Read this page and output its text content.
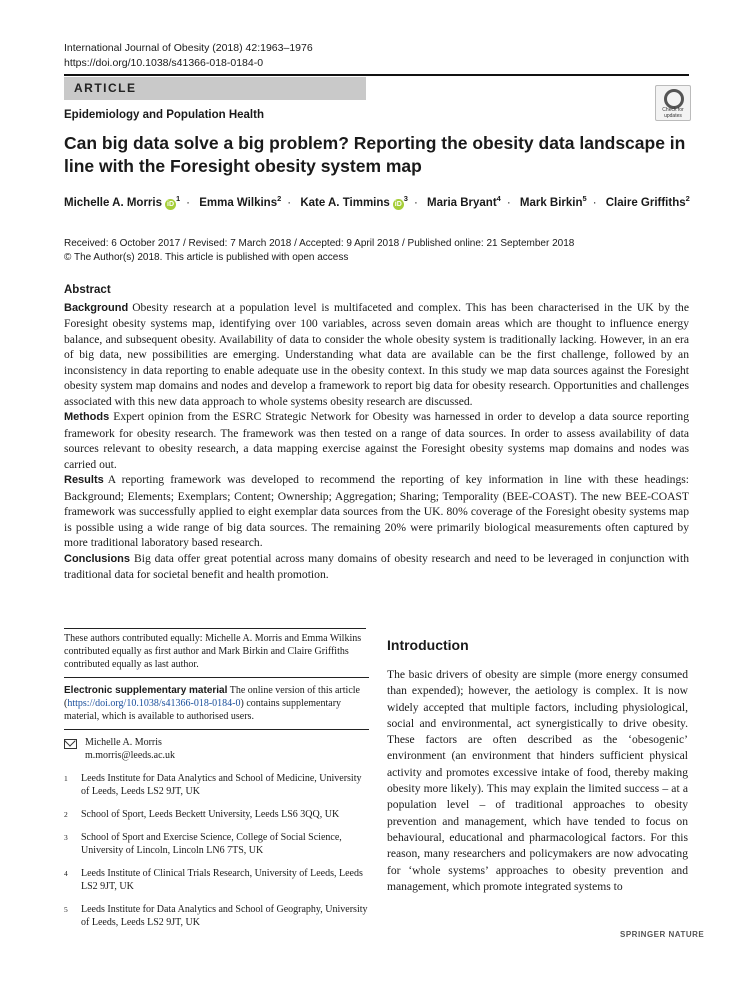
International Journal of Obesity (2018) 42:1963–1976
https://doi.org/10.1038/s41366-018-0184-0
ARTICLE
Epidemiology and Population Health	Check for updates
Can big data solve a big problem? Reporting the obesity data landscape in line with the Foresight obesity system map
Michelle A. Morris $iD^1$ · Emma Wilkins$^2$ · Kate A. Timmins $iD^3$ · Maria Bryant$^4$ · Mark Birkin$^5$ · Claire Griffiths$^2$
Received: 6 October 2017 / Revised: 7 March 2018 / Accepted: 9 April 2018 / Published online: 21 September 2018
© The Author(s) 2018. This article is published with open access
Abstract

Background Obesity research at a population level is multifaceted and complex. This has been characterised in the UK by the Foresight obesity systems map, identifying over 100 variables, across seven domain areas which are thought to influence energy balance, and subsequent obesity. Availability of data to consider the whole obesity system is traditionally lacking. However, in an era of big data, new possibilities are emerging. Understanding what data are available can be the first challenge, followed by an inconsistency in data reporting to enable adequate use in the obesity context. In this study we map data sources against the Foresight obesity system map domains and nodes and develop a framework to report big data for obesity research. Opportunities and challenges associated with this new data approach to whole systems obesity research are discussed.

Methods Expert opinion from the ESRC Strategic Network for Obesity was harnessed in order to develop a data source reporting framework for obesity research. The framework was then tested on a range of data sources. In order to assess availability of data sources relevant to obesity research, a data mapping exercise against the Foresight obesity systems map domains and nodes was carried out.

Results A reporting framework was developed to recommend the reporting of key information in line with these headings: Background; Elements; Exemplars; Content; Ownership; Aggregation; Sharing; Temporality (BEE-COAST). The new BEE-COAST framework was successfully applied to eight exemplar data sources from the UK. 80% coverage of the Foresight obesity systems map is possible using a wide range of big data sources. The remaining 20% were primarily biological measurements often captured by more traditional laboratory based research.

Conclusions Big data offer great potential across many domains of obesity research and need to be leveraged in conjunction with traditional data for societal benefit and health promotion.

These authors contributed equally: Michelle A. Morris and Emma Wilkins contributed equally as first author and Mark Birkin and Claire Griffiths contributed equally as last author.

Electronic supplementary material The online version of this article (https://doi.org/10.1038/s41366-018-0184-0) contains supplementary material, which is available to authorised users.

Michelle A. Morris
m.morris@leeds.ac.uk
1	Leeds Institute for Data Analytics and School of Medicine, University of Leeds, Leeds LS2 9JT, UK
2	School of Sport, Leeds Beckett University, Leeds LS6 3QQ, UK
3	School of Sport and Exercise Science, College of Social Science, University of Lincoln, Lincoln LN6 7TS, UK
4	Leeds Institute of Clinical Trials Research, University of Leeds, Leeds LS2 9JT, UK
5	Leeds Institute for Data Analytics and School of Geography, University of Leeds, Leeds LS2 9JT, UK
Introduction
The basic drivers of obesity are simple (more energy consumed than expended); however, the aetiology is complex. It is now widely accepted that multiple factors, including physiological, social and environmental, act synergistically to drive obesity. These factors are often described as the ‘obesogenic’ environment (an environment that hinders sufficient physical activity and promotes excessive intake of food, thereby making obesity more likely). This may explain the limited success – at a population level – of traditional approaches to obesity prevention and management, which have tended to focus on behavioural, educational and pharmacological factors. For this reason, many researchers and policymakers are now advocating for ‘whole systems’ approaches to obesity prevention and management, which promote integrated systems to
SPRINGER NATURE
